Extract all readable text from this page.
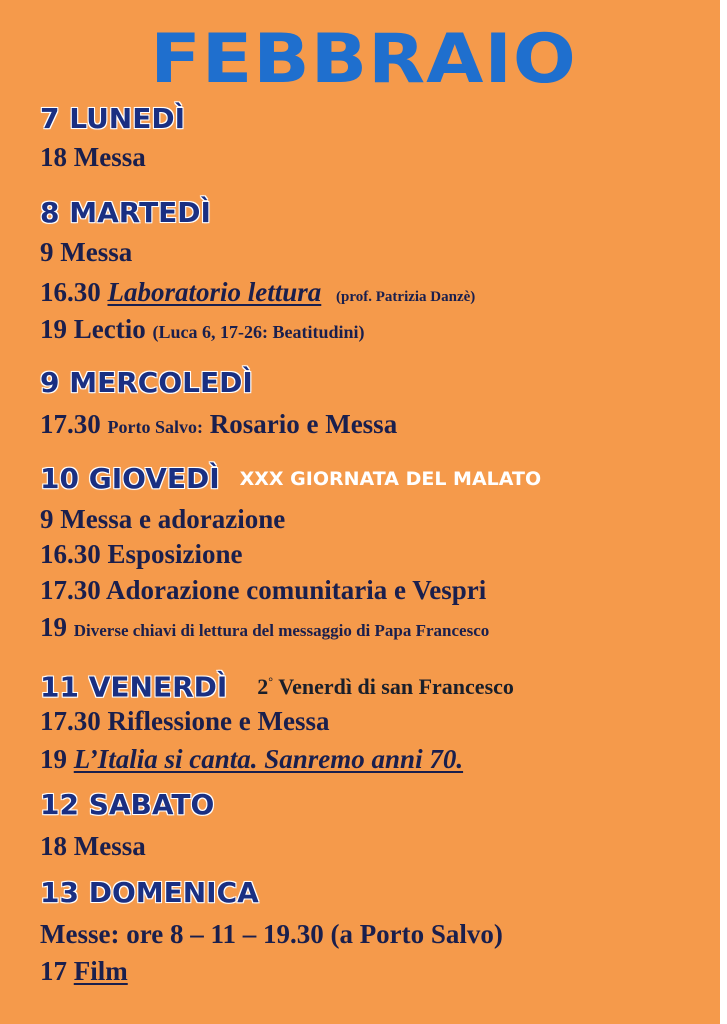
FEBBRAIO
7 LUNEDÌ
18 Messa
8 MARTEDÌ
9 Messa
16.30 Laboratorio lettura (prof. Patrizia Danzè)
19 Lectio (Luca 6, 17-26: Beatitudini)
9 MERCOLEDÌ
17.30 Porto Salvo: Rosario e Messa
10 GIOVEDÌ XXX GIORNATA DEL MALATO
9 Messa e adorazione
16.30 Esposizione
17.30 Adorazione comunitaria e Vespri
19 Diverse chiavi di lettura del messaggio di Papa Francesco
11 VENERDÌ 2° Venerdì di san Francesco
17.30 Riflessione e Messa
19 L’Italia si canta. Sanremo anni 70.
12 SABATO
18 Messa
13 DOMENICA
Messe: ore 8 – 11 – 19.30 (a Porto Salvo)
17 Film
